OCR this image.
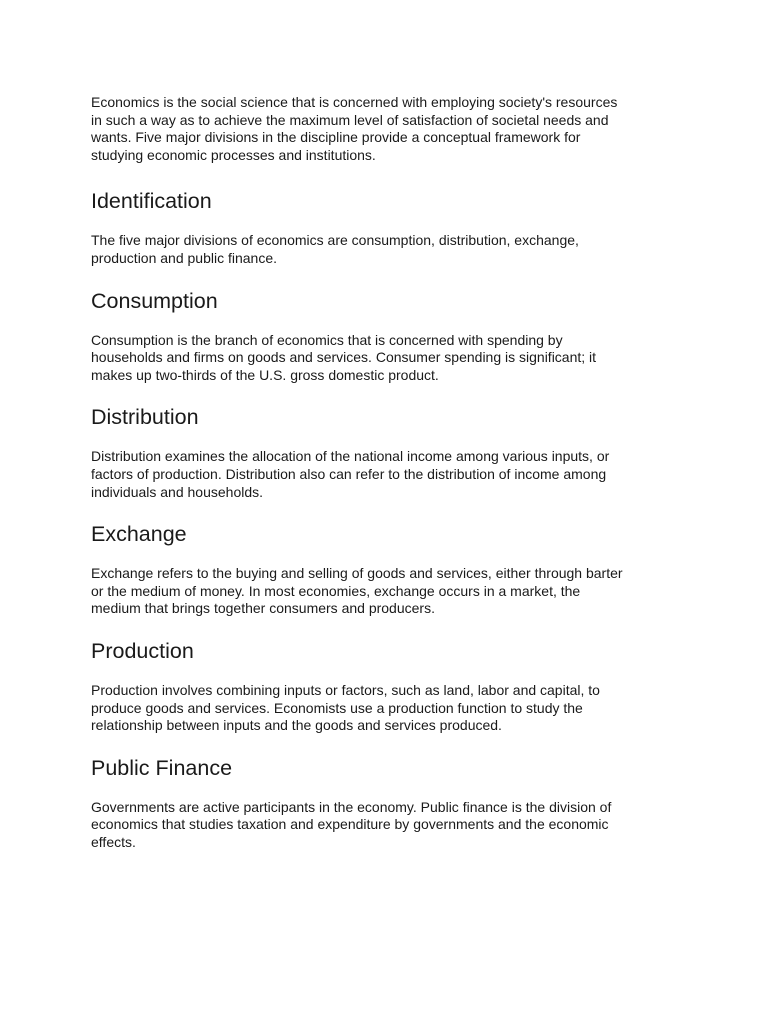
Economics is the social science that is concerned with employing society's resources
in such a way as to achieve the maximum level of satisfaction of societal needs and
wants. Five major divisions in the discipline provide a conceptual framework for
studying economic processes and institutions.

Identification

The five major divisions of economics are consumption, distribution, exchange,
production and public finance.

Consumption

Consumption is the branch of economics that is concerned with spending by
households and firms on goods and services. Consumer spending is significant; it
makes up two-thirds of the U.S. gross domestic product.

Distribution

Distribution examines the allocation of the national income among various inputs, or
factors of production. Distribution also can refer to the distribution of income among
individuals and households.

Exchange

Exchange refers to the buying and selling of goods and services, either through barter
or the medium of money. In most economies, exchange occurs in a market, the
medium that brings together consumers and producers.

Production

Production involves combining inputs or factors, such as land, labor and capital, to
produce goods and services. Economists use a production function to study the
relationship between inputs and the goods and services produced.

Public Finance

Governments are active participants in the economy. Public finance is the division of
economics that studies taxation and expenditure by governments and the economic
effects.
